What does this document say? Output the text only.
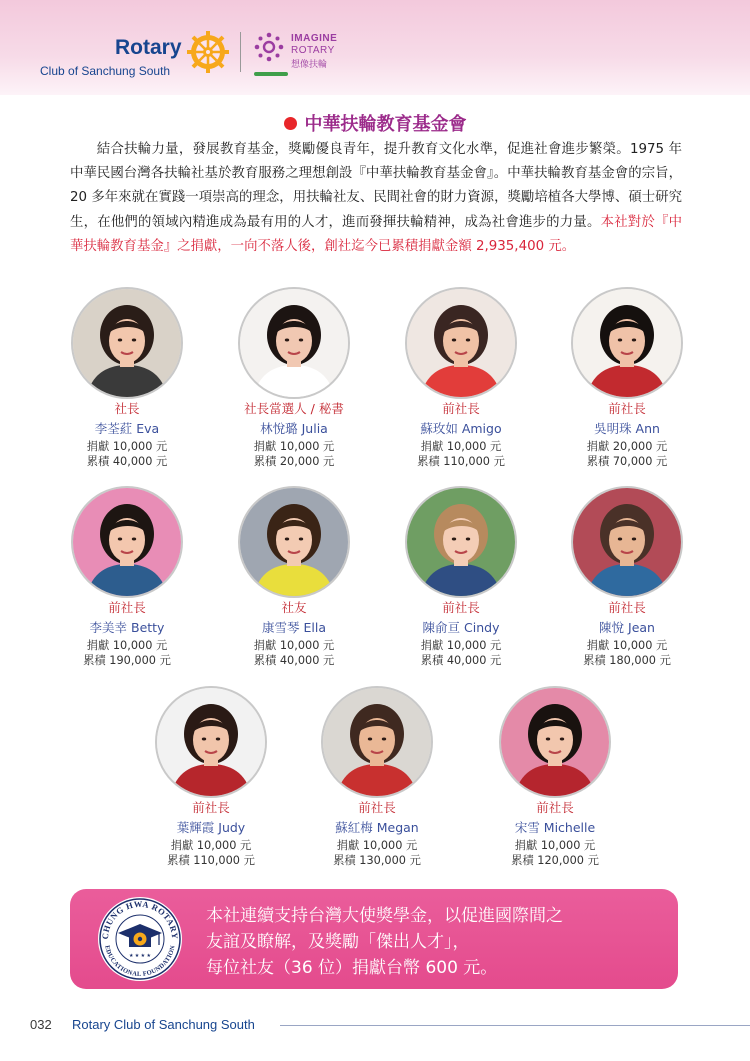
Rotary
Club of Sanchung South
IMAGINE
ROTARY
想像扶輪
中華扶輪教育基金會
結合扶輪力量，發展教育基金，獎勵優良青年，提升教育文化水準，促進社會進步繁榮。1975 年中華民國台灣各扶輪社基於教育服務之理想創設『中華扶輪教育基金會』。中華扶輪教育基金會的宗旨，20 多年來就在實踐一項崇高的理念，用扶輪社友、民間社會的財力資源，獎勵培植各大學博、碩士研究生，在他們的領域內精進成為最有用的人才，進而發揮扶輪精神，成為社會進步的力量。本社對於『中華扶輪教育基金』之捐獻，一向不落人後，創社迄今已累積捐獻金額 2,935,400 元。
社長
李荃葒 Eva
捐獻 10,000 元
累積 40,000 元
社長當選人 / 秘書
林悅璐 Julia
捐獻 10,000 元
累積 20,000 元
前社長
蘇玫如 Amigo
捐獻 10,000 元
累積 110,000 元
前社長
吳明珠 Ann
捐獻 20,000 元
累積 70,000 元
前社長
李美幸 Betty
捐獻 10,000 元
累積 190,000 元
社友
康雪琴 Ella
捐獻 10,000 元
累積 40,000 元
前社長
陳俞亘 Cindy
捐獻 10,000 元
累積 40,000 元
前社長
陳悅 Jean
捐獻 10,000 元
累積 180,000 元
前社長
葉輝霞 Judy
捐獻 10,000 元
累積 110,000 元
前社長
蘇紅梅 Megan
捐獻 10,000 元
累積 130,000 元
前社長
宋雪 Michelle
捐獻 10,000 元
累積 120,000 元
CHUNG HWA ROTARY
EDUCATIONAL FOUNDATION
★ ★ ★ ★
本社連續支持台灣大使獎學金，以促進國際間之
友誼及瞭解，及獎勵「傑出人才」，
每位社友（36 位）捐獻台幣 600 元。
032 Rotary Club of Sanchung South
